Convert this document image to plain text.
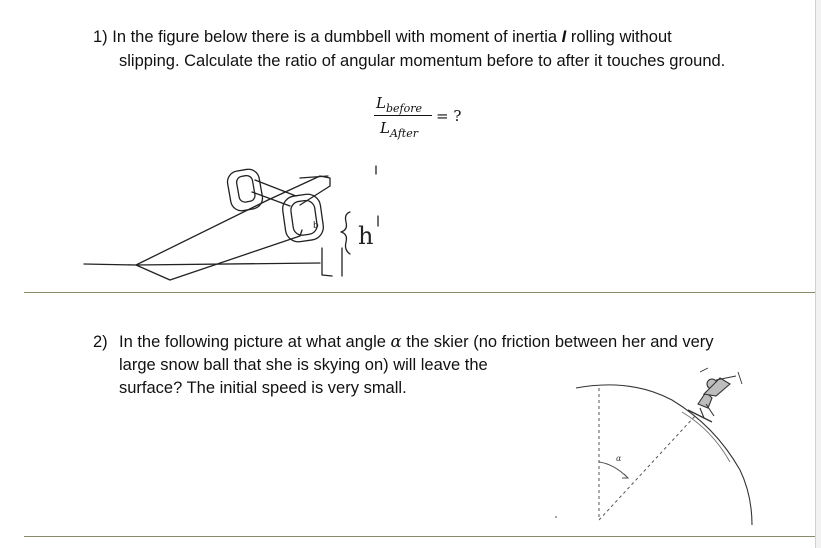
1) In the figure below there is a dumbbell with moment of inertia I rolling without
slipping. Calculate the ratio of angular momentum before to after it touches ground.
$L_{before}$
$L_{After}$
= ?
h
b
2) In the following picture at what angle α the skier (no friction between her and very
large snow ball that she is skying on) will leave the
surface? The initial speed is very small.
α
